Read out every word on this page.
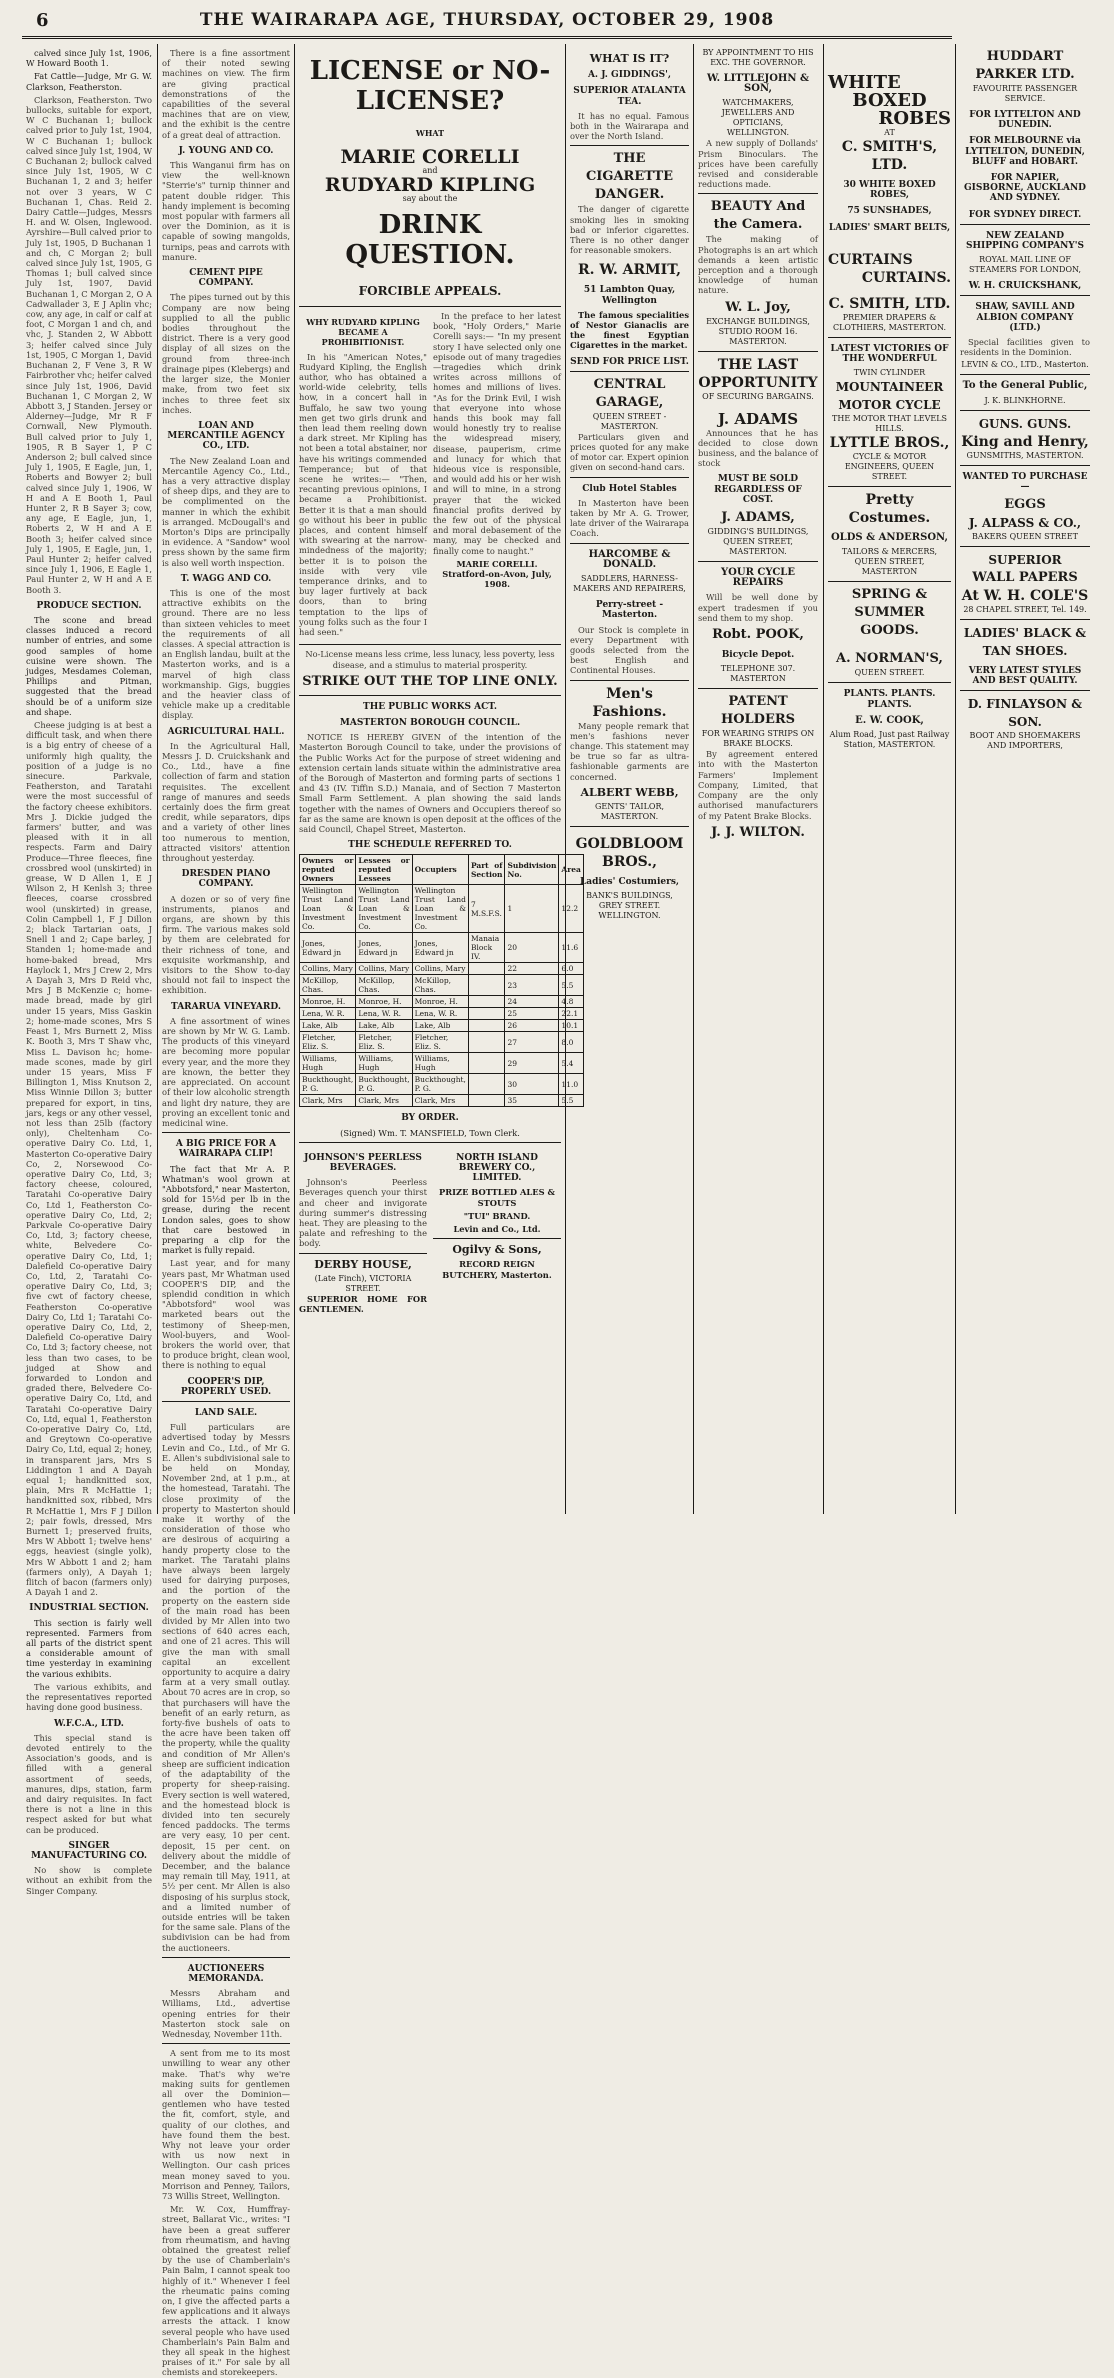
6	THE WAIRARAPA AGE, THURSDAY, OCTOBER 29, 1908

calved since July 1st, 1906, W Howard Booth 1.

Fat Cattle—Judge, Mr G. W. Clarkson, Featherston.

Clarkson, Featherston. Two bullocks, suitable for export, W C Buchanan 1; bullock calved prior to July 1st, 1904, W C Buchanan 1; bullock calved since July 1st, 1904, W C Buchanan 2; bullock calved since July 1st, 1905, W C Buchanan 1, 2 and 3; heifer not over 3 years, W C Buchanan 1, Chas. Reid 2. Dairy Cattle—Judges, Messrs H. and W. Olsen, Inglewood. Ayrshire—Bull calved prior to July 1st, 1905, D Buchanan 1 and ch, C Morgan 2; bull calved since July 1st, 1905, G Thomas 1; bull calved since July 1st, 1907, David Buchanan 1, C Morgan 2, O A Cadwallader 3, E J Aplin vhc; cow, any age, in calf or calf at foot, C Morgan 1 and ch, and vhc, J. Standen 2, W Abbott 3; heifer calved since July 1st, 1905, C Morgan 1, David Buchanan 2, F Vene 3, R W Fairbrother vhc; heifer calved since July 1st, 1906, David Buchanan 1, C Morgan 2, W Abbott 3, J Standen. Jersey or Alderney—Judge, Mr R F Cornwall, New Plymouth. Bull calved prior to July 1, 1905, R B Sayer 1, P C Anderson 2; bull calved since July 1, 1905, E Eagle, jun, 1, Roberts and Bowyer 2; bull calved since July 1, 1906, W H and A E Booth 1, Paul Hunter 2, R B Sayer 3; cow, any age, E Eagle, jun, 1, Roberts 2, W H and A E Booth 3; heifer calved since July 1, 1905, E Eagle, jun, 1, Paul Hunter 2; heifer calved since July 1, 1906, E Eagle 1, Paul Hunter 2, W H and A E Booth 3.

PRODUCE SECTION.

The scone and bread classes induced a record number of entries, and some good samples of home cuisine were shown. The judges, Mesdames Coleman, Phillips and Pitman, suggested that the bread should be of a uniform size and shape.

Cheese judging is at best a difficult task, and when there is a big entry of cheese of a uniformly high quality, the position of a judge is no sinecure. Parkvale, Featherston, and Taratahi were the most successful of the factory cheese exhibitors. Mrs J. Dickie judged the farmers' butter, and was pleased with it in all respects. Farm and Dairy Produce—Three fleeces, fine crossbred wool (unskirted) in grease, W D Allen 1, E J Wilson 2, H Kenlsh 3; three fleeces, coarse crossbred wool (unskirted) in grease, Colin Campbell 1, F J Dillon 2; black Tartarian oats, J Snell 1 and 2; Cape barley, J Standen 1; home-made and home-baked bread, Mrs Haylock 1, Mrs J Crew 2, Mrs A Dayah 3, Mrs D Reid vhc, Mrs J B McKenzie c; home-made bread, made by girl under 15 years, Miss Gaskin 2; home-made scones, Mrs S Feast 1, Mrs Burnett 2, Miss K. Booth 3, Mrs T Shaw vhc, Miss L. Davison hc; home-made scones, made by girl under 15 years, Miss F Billington 1, Miss Knutson 2, Miss Winnie Dillon 3; butter prepared for export, in tins, jars, kegs or any other vessel, not less than 25lb (factory only), Cheltenham Co-operative Dairy Co. Ltd, 1, Masterton Co-operative Dairy Co, 2, Norsewood Co-operative Dairy Co, Ltd, 3; factory cheese, coloured, Taratahi Co-operative Dairy Co, Ltd 1, Featherston Co-operative Dairy Co, Ltd, 2; Parkvale Co-operative Dairy Co, Ltd, 3; factory cheese, white, Belvedere Co-operative Dairy Co, Ltd, 1; Dalefield Co-operative Dairy Co, Ltd, 2, Taratahi Co-operative Dairy Co, Ltd, 3; five cwt of factory cheese, Featherston Co-operative Dairy Co, Ltd 1; Taratahi Co-operative Dairy Co, Ltd, 2, Dalefield Co-operative Dairy Co, Ltd 3; factory cheese, not less than two cases, to be judged at Show and forwarded to London and graded there, Belvedere Co-operative Dairy Co, Ltd, and Taratahi Co-operative Dairy Co, Ltd, equal 1, Featherston Co-operative Dairy Co, Ltd, and Greytown Co-operative Dairy Co, Ltd, equal 2; honey, in transparent jars, Mrs S Liddington 1 and A Dayah equal 1; handknitted sox, plain, Mrs R McHattie 1; handknitted sox, ribbed, Mrs R McHattie 1, Mrs F J Dillon 2; pair fowls, dressed, Mrs Burnett 1; preserved fruits, Mrs W Abbott 1; twelve hens' eggs, heaviest (single yolk), Mrs W Abbott 1 and 2; ham (farmers only), A Dayah 1; flitch of bacon (farmers only) A Dayah 1 and 2.

INDUSTRIAL SECTION.

This section is fairly well represented. Farmers from all parts of the district spent a considerable amount of time yesterday in examining the various exhibits.

The various exhibits, and the representatives reported having done good business.

W.F.C.A., LTD.

This special stand is devoted entirely to the Association's goods, and is filled with a general assortment of seeds, manures, dips, station, farm and dairy requisites. In fact there is not a line in this respect asked for but what can be produced.

SINGER MANUFACTURING CO.

No show is complete without an exhibit from the Singer Company.

There is a fine assortment of their noted sewing machines on view. The firm are giving practical demonstrations of the capabilities of the several machines that are on view, and the exhibit is the centre of a great deal of attraction.

J. YOUNG AND CO.

This Wanganui firm has on view the well-known "Sterrie's" turnip thinner and patent double ridger. This handy implement is becoming most popular with farmers all over the Dominion, as it is capable of sowing mangolds, turnips, peas and carrots with manure.

CEMENT PIPE COMPANY.

The pipes turned out by this Company are now being supplied to all the public bodies throughout the district. There is a very good display of all sizes on the ground from three-inch drainage pipes (Klebergs) and the larger size, the Monier make, from two feet six inches to three feet six inches.

LOAN AND MERCANTILE AGENCY CO., LTD.

The New Zealand Loan and Mercantile Agency Co., Ltd., has a very attractive display of sheep dips, and they are to be complimented on the manner in which the exhibit is arranged. McDougall's and Morton's Dips are principally in evidence. A "Sandow" wool press shown by the same firm is also well worth inspection.

T. WAGG AND CO.

This is one of the most attractive exhibits on the ground. There are no less than sixteen vehicles to meet the requirements of all classes. A special attraction is an English landau, built at the Masterton works, and is a marvel of high class workmanship. Gigs, buggies and the heavier class of vehicle make up a creditable display.

AGRICULTURAL HALL.

In the Agricultural Hall, Messrs J. D. Cruickshank and Co., Ltd., have a fine collection of farm and station requisites. The excellent range of manures and seeds certainly does the firm great credit, while separators, dips and a variety of other lines too numerous to mention, attracted visitors' attention throughout yesterday.

DRESDEN PIANO COMPANY.

A dozen or so of very fine instruments, pianos and organs, are shown by this firm. The various makes sold by them are celebrated for their richness of tone, and exquisite workmanship, and visitors to the Show to-day should not fail to inspect the exhibition.

TARARUA VINEYARD.

A fine assortment of wines are shown by Mr W. G. Lamb. The products of this vineyard are becoming more popular every year, and the more they are known, the better they are appreciated. On account of their low alcoholic strength and light dry nature, they are proving an excellent tonic and medicinal wine.

A BIG PRICE FOR A WAIRARAPA CLIP!

The fact that Mr A. P. Whatman's wool grown at "Abbotsford," near Masterton, sold for 15½d per lb in the grease, during the recent London sales, goes to show that care bestowed in preparing a clip for the market is fully repaid.

Last year, and for many years past, Mr Whatman used COOPER'S DIP, and the splendid condition in which "Abbotsford" wool was marketed bears out the testimony of Sheep-men, Wool-buyers, and Wool-brokers the world over, that to produce bright, clean wool, there is nothing to equal

COOPER'S DIP, PROPERLY USED.
LAND SALE.

Full particulars are advertised today by Messrs Levin and Co., Ltd., of Mr G. E. Allen's subdivisional sale to be held on Monday, November 2nd, at 1 p.m., at the homestead, Taratahi. The close proximity of the property to Masterton should make it worthy of the consideration of those who are desirous of acquiring a handy property close to the market. The Taratahi plains have always been largely used for dairying purposes, and the portion of the property on the eastern side of the main road has been divided by Mr Allen into two sections of 640 acres each, and one of 21 acres. This will give the man with small capital an excellent opportunity to acquire a dairy farm at a very small outlay. About 70 acres are in crop, so that purchasers will have the benefit of an early return, as forty-five bushels of oats to the acre have been taken off the property, while the quality and condition of Mr Allen's sheep are sufficient indication of the adaptability of the property for sheep-raising. Every section is well watered, and the homestead block is divided into ten securely fenced paddocks. The terms are very easy, 10 per cent. deposit, 15 per cent. on delivery about the middle of December, and the balance may remain till May, 1911, at 5½ per cent. Mr Allen is also disposing of his surplus stock, and a limited number of outside entries will be taken for the same sale. Plans of the subdivision can be had from the auctioneers.

AUCTIONEERS MEMORANDA.

Messrs Abraham and Williams, Ltd., advertise opening entries for their Masterton stock sale on Wednesday, November 11th.

A sent from me to its most unwilling to wear any other make. That's why we're making suits for gentlemen all over the Dominion—gentlemen who have tested the fit, comfort, style, and quality of our clothes, and have found them the best. Why not leave your order with us now next in Wellington. Our cash prices mean money saved to you. Morrison and Penney, Tailors, 73 Willis Street, Wellington.

Mr. W. Cox, Humffray-street, Ballarat Vic., writes: "I have been a great sufferer from rheumatism, and having obtained the greatest relief by the use of Chamberlain's Pain Balm, I cannot speak too highly of it." Whenever I feel the rheumatic pains coming on, I give the affected parts a few applications and it always arrests the attack. I know several people who have used Chamberlain's Pain Balm and they all speak in the highest praises of it." For sale by all chemists and storekeepers.

LICENSE or NO-LICENSE?
WHAT
MARIE CORELLI
and
RUDYARD KIPLING
say about the
DRINK QUESTION.
FORCIBLE APPEALS.
WHY RUDYARD KIPLING BECAME A PROHIBITIONIST.

In his "American Notes," Rudyard Kipling, the English author, who has obtained a world-wide celebrity, tells how, in a concert hall in Buffalo, he saw two young men get two girls drunk and then lead them reeling down a dark street. Mr Kipling has not been a total abstainer, nor have his writings commended Temperance; but of that scene he writes:— "Then, recanting previous opinions, I became a Prohibitionist. Better it is that a man should go without his beer in public places, and content himself with swearing at the narrow-mindedness of the majority; better it is to poison the inside with very vile temperance drinks, and to buy lager furtively at back doors, than to bring temptation to the lips of young folks such as the four I had seen."

In the preface to her latest book, "Holy Orders," Marie Corelli says:— "In my present story I have selected only one episode out of many tragedies—tragedies which drink writes across millions of homes and millions of lives. "As for the Drink Evil, I wish that everyone into whose hands this book may fall would honestly try to realise the widespread misery, disease, pauperism, crime and lunacy for which that hideous vice is responsible, and would add his or her wish and will to mine, in a strong prayer that the wicked financial profits derived by the few out of the physical and moral debasement of the many, may be checked and finally come to naught."

MARIE CORELLI. Stratford-on-Avon, July, 1908.

No-License means less crime, less lunacy, less poverty, less disease, and a stimulus to material prosperity.

STRIKE OUT THE TOP LINE ONLY.
THE PUBLIC WORKS ACT.
MASTERTON BOROUGH COUNCIL.

NOTICE IS HEREBY GIVEN of the intention of the Masterton Borough Council to take, under the provisions of the Public Works Act for the purpose of street widening and extension certain lands situate within the administrative area of the Borough of Masterton and forming parts of sections 1 and 43 (IV. Tiffin S.D.) Manaia, and of Section 7 Masterton Small Farm Settlement. A plan showing the said lands together with the names of Owners and Occupiers thereof so far as the same are known is open deposit at the offices of the said Council, Chapel Street, Masterton.

THE SCHEDULE REFERRED TO.
Owners or reputed Owners	Lessees or reputed Lessees	Occupiers	Part of Section	Subdivision No.	Area
Wellington Trust Land Loan & Investment Co.	Wellington Trust Land Loan & Investment Co.	Wellington Trust Land Loan & Investment Co.	7 M.S.F.S.	1	12.2
Jones, Edward jn	Jones, Edward jn	Jones, Edward jn	Manaia Block IV.	20	11.6
Collins, Mary	Collins, Mary	Collins, Mary		22	6.0
McKillop, Chas.	McKillop, Chas.	McKillop, Chas.		23	5.5
Monroe, H.	Monroe, H.	Monroe, H.		24	4.8
Lena, W. R.	Lena, W. R.	Lena, W. R.		25	22.1
Lake, Alb	Lake, Alb	Lake, Alb		26	10.1
Fletcher, Eliz. S.	Fletcher, Eliz. S.	Fletcher, Eliz. S.		27	8.0
Williams, Hugh	Williams, Hugh	Williams, Hugh		29	5.4
Buckthought, P. G.	Buckthought, P. G.	Buckthought, P. G.		30	11.0
Clark, Mrs	Clark, Mrs	Clark, Mrs		35	5.5
BY ORDER.

(Signed) Wm. T. MANSFIELD, Town Clerk.

JOHNSON'S PEERLESS BEVERAGES.

Johnson's Peerless Beverages quench your thirst and cheer and invigorate during summer's distressing heat. They are pleasing to the palate and refreshing to the body.

DERBY HOUSE,
(Late Finch), VICTORIA STREET.

SUPERIOR HOME FOR GENTLEMEN.

NORTH ISLAND BREWERY CO., LIMITED.

PRIZE BOTTLED ALES & STOUTS

"TUI" BRAND.

Levin and Co., Ltd.

Ogilvy & Sons,

RECORD REIGN BUTCHERY, Masterton.

WHAT IS IT?
A. J. GIDDINGS',
SUPERIOR ATALANTA TEA.

It has no equal. Famous both in the Wairarapa and over the North Island.

THE CIGARETTE DANGER.

The danger of cigarette smoking lies in smoking bad or inferior cigarettes. There is no other danger for reasonable smokers.

R. W. ARMIT,
51 Lambton Quay, Wellington

The famous specialities of Nestor Gianaclis are the finest Egyptian Cigarettes in the market.

SEND FOR PRICE LIST.
CENTRAL GARAGE,
QUEEN STREET - MASTERTON.

Particulars given and prices quoted for any make of motor car. Expert opinion given on second-hand cars.

Club Hotel Stables

In Masterton have been taken by Mr A. G. Trower, late driver of the Wairarapa Coach.

HARCOMBE & DONALD.
SADDLERS, HARNESS-MAKERS AND REPAIRERS,
Perry-street - Masterton.

Our Stock is complete in every Department with goods selected from the best English and Continental Houses.

Men's Fashions.

Many people remark that men's fashions never change. This statement may be true so far as ultra-fashionable garments are concerned.

ALBERT WEBB,
GENTS' TAILOR, MASTERTON.
GOLDBLOOM BROS.,
Ladies' Costumiers,
BANK'S BUILDINGS,
GREY STREET. WELLINGTON.
BY APPOINTMENT TO HIS EXC. THE GOVERNOR.
W. LITTLEJOHN & SON,
WATCHMAKERS, JEWELLERS AND OPTICIANS,
WELLINGTON.

A new supply of Dollands' Prism Binoculars. The prices have been carefully revised and considerable reductions made.

BEAUTY And the Camera.

The making of Photographs is an art which demands a keen artistic perception and a thorough knowledge of human nature.

W. L. Joy,
EXCHANGE BUILDINGS, STUDIO ROOM 16. MASTERTON.
THE LAST OPPORTUNITY
OF SECURING BARGAINS.
J. ADAMS

Announces that he has decided to close down business, and the balance of stock

MUST BE SOLD REGARDLESS OF COST.
J. ADAMS,
GIDDING'S BUILDINGS, QUEEN STREET, MASTERTON.
YOUR CYCLE REPAIRS

Will be well done by expert tradesmen if you send them to my shop.

Robt. POOK,
Bicycle Depot.
TELEPHONE 307. MASTERTON
PATENT HOLDERS
FOR WEARING STRIPS ON BRAKE BLOCKS.

By agreement entered into with the Masterton Farmers' Implement Company, Limited, that Company are the only authorised manufacturers of my Patent Brake Blocks.

J. J. WILTON.
WHITE
BOXED
ROBES
AT
C. SMITH'S, LTD.
30 WHITE BOXED ROBES,
75 SUNSHADES,
LADIES' SMART BELTS,
CURTAINS
CURTAINS.
C. SMITH, LTD.
PREMIER DRAPERS & CLOTHIERS, MASTERTON.
LATEST VICTORIES OF THE WONDERFUL
TWIN CYLINDER
MOUNTAINEER MOTOR CYCLE
THE MOTOR THAT LEVELS HILLS.
LYTTLE BROS.,
CYCLE & MOTOR ENGINEERS, QUEEN STREET.
Pretty Costumes.
OLDS & ANDERSON,
TAILORS & MERCERS, QUEEN STREET, MASTERTON
SPRING & SUMMER GOODS.
A. NORMAN'S,
QUEEN STREET.
PLANTS. PLANTS. PLANTS.
E. W. COOK,
Alum Road, Just past Railway Station, MASTERTON.
HUDDART PARKER LTD.
FAVOURITE PASSENGER SERVICE.
FOR LYTTELTON AND DUNEDIN.
FOR MELBOURNE via LYTTELTON, DUNEDIN, BLUFF and HOBART.
FOR NAPIER, GISBORNE, AUCKLAND AND SYDNEY.
FOR SYDNEY DIRECT.
NEW ZEALAND SHIPPING COMPANY'S
ROYAL MAIL LINE OF STEAMERS FOR LONDON,
W. H. CRUICKSHANK,
SHAW, SAVILL AND ALBION COMPANY (LTD.)

Special facilities given to residents in the Dominion.

LEVIN & CO., LTD., Masterton.
To the General Public,
J. K. BLINKHORNE.
GUNS. GUNS.
King and Henry,
GUNSMITHS, MASTERTON.
WANTED TO PURCHASE—
EGGS
J. ALPASS & CO.,
BAKERS QUEEN STREET
SUPERIOR
WALL PAPERS
At W. H. COLE'S
28 CHAPEL STREET, Tel. 149.
LADIES' BLACK & TAN SHOES.
VERY LATEST STYLES AND BEST QUALITY.
D. FINLAYSON & SON.
BOOT AND SHOEMAKERS AND IMPORTERS,
